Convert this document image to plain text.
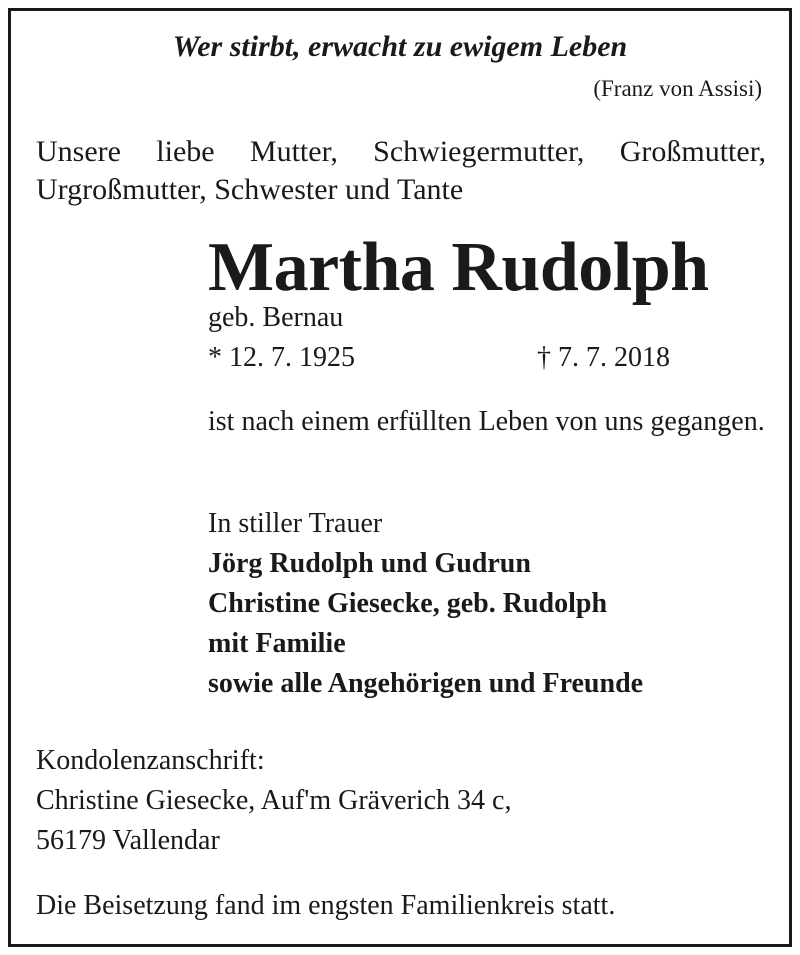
Wer stirbt, erwacht zu ewigem Leben
(Franz von Assisi)
Unsere liebe Mutter, Schwiegermutter, Großmutter, Urgroßmutter, Schwester und Tante
Martha Rudolph
geb. Bernau
* 12. 7. 1925	† 7. 7. 2018
ist nach einem erfüllten Leben von uns gegangen.
In stiller Trauer
Jörg Rudolph und Gudrun
Christine Giesecke, geb. Rudolph
mit Familie
sowie alle Angehörigen und Freunde
Kondolenzanschrift:
Christine Giesecke, Auf'm Gräverich 34 c,
56179 Vallendar
Die Beisetzung fand im engsten Familienkreis statt.
